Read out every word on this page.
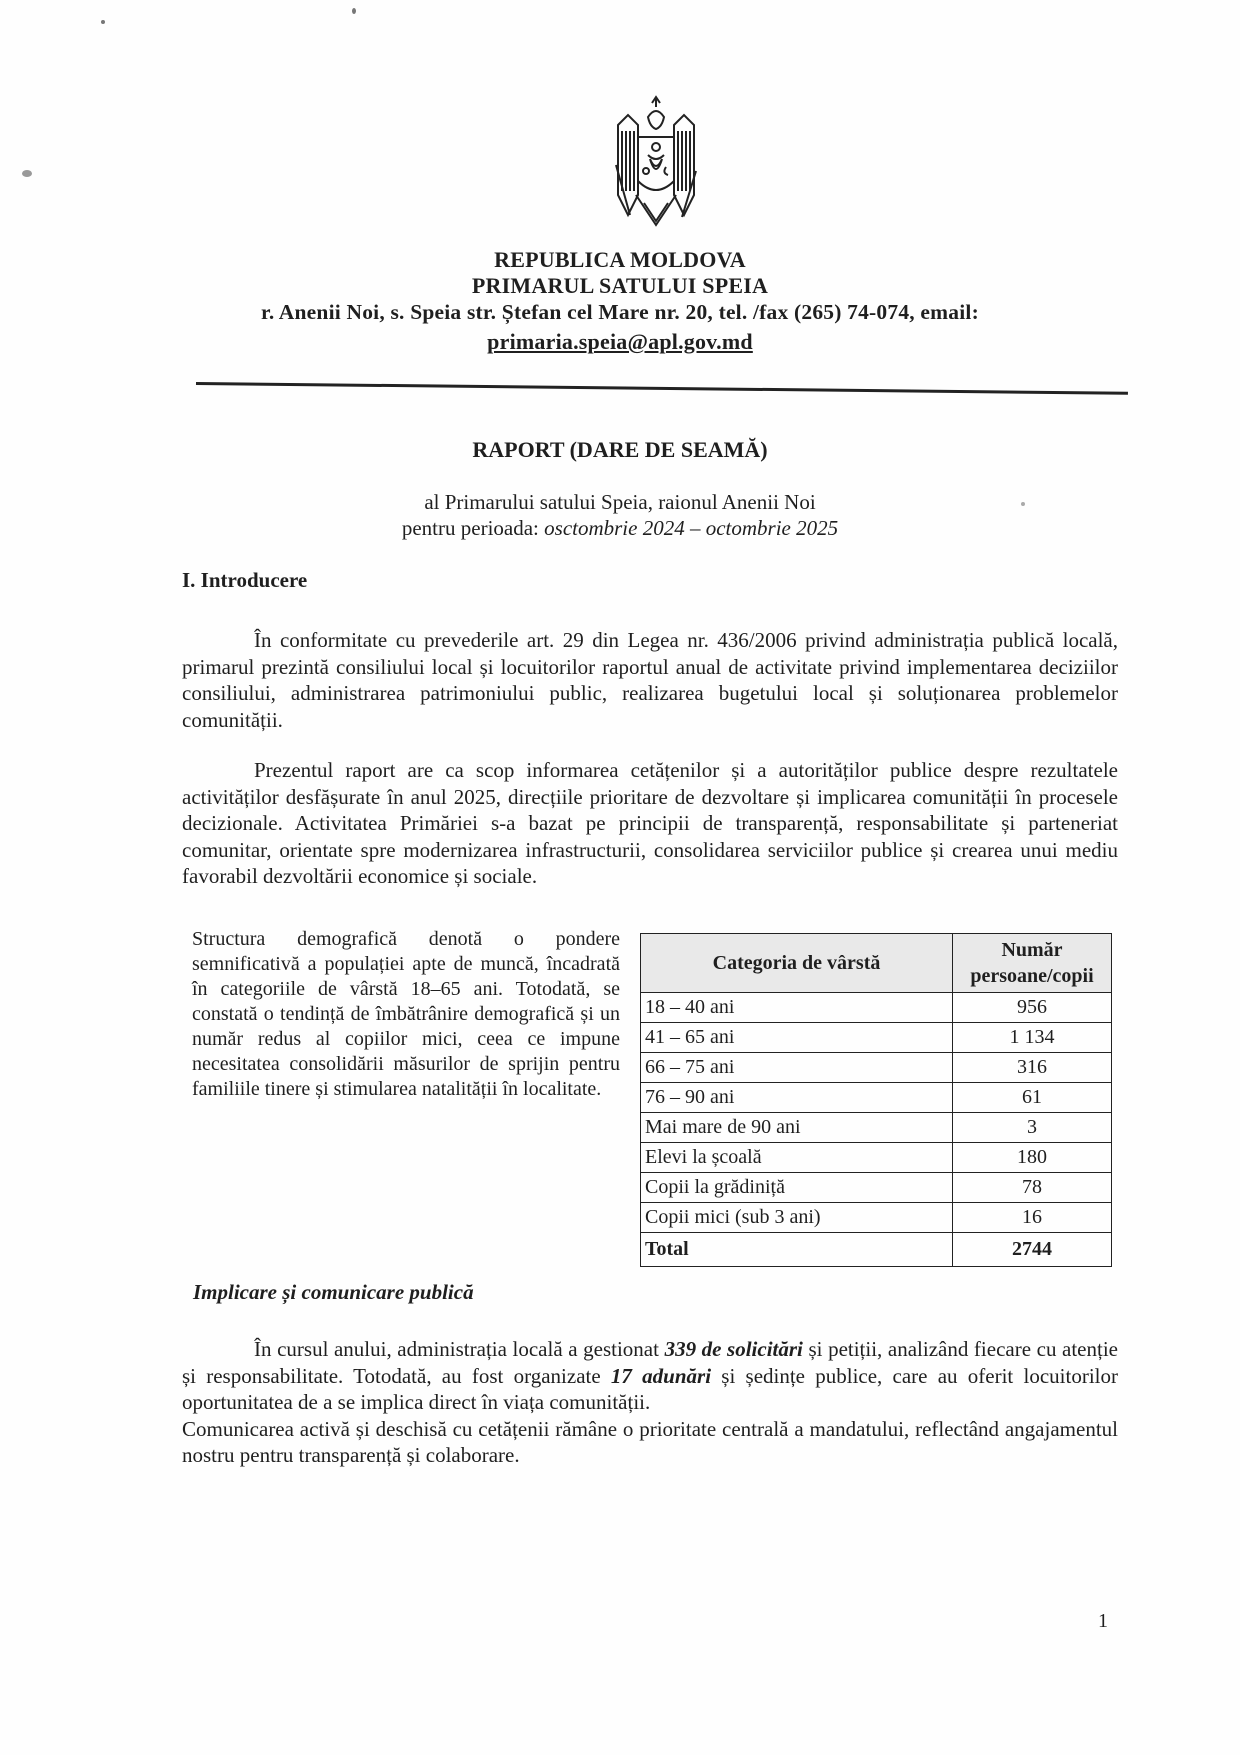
REPUBLICA MOLDOVA
PRIMARUL SATULUI SPEIA
r. Anenii Noi, s. Speia str. Ștefan cel Mare nr. 20, tel. /fax (265) 74-074, email:
primaria.speia@apl.gov.md
RAPORT (DARE DE SEAMĂ)
al Primarului satului Speia, raionul Anenii Noi
pentru perioada: osctombrie 2024 – octombrie 2025
I. Introducere

În conformitate cu prevederile art. 29 din Legea nr. 436/2006 privind administrația publică locală, primarul prezintă consiliului local și locuitorilor raportul anual de activitate privind implementarea deciziilor consiliului, administrarea patrimoniului public, realizarea bugetului local și soluționarea problemelor comunității.

Prezentul raport are ca scop informarea cetățenilor și a autorităților publice despre rezultatele activităților desfășurate în anul 2025, direcțiile prioritare de dezvoltare și implicarea comunității în procesele decizionale. Activitatea Primăriei s-a bazat pe principii de transparență, responsabilitate și parteneriat comunitar, orientate spre modernizarea infrastructurii, consolidarea serviciilor publice și crearea unui mediu favorabil dezvoltării economice și sociale.

Structura demografică denotă o pondere semnificativă a populației apte de muncă, încadrată în categoriile de vârstă 18–65 ani. Totodată, se constată o tendință de îmbătrânire demografică și un număr redus al copiilor mici, ceea ce impune necesitatea consolidării măsurilor de sprijin pentru familiile tinere și stimularea natalității în localitate.
Categoria de vârstă	Număr persoane/copii
18 – 40 ani	956
41 – 65 ani	1 134
66 – 75 ani	316
76 – 90 ani	61
Mai mare de 90 ani	3
Elevi la școală	180
Copii la grădiniță	78
Copii mici (sub 3 ani)	16
Total	2744
Implicare și comunicare publică

În cursul anului, administrația locală a gestionat 339 de solicitări și petiții, analizând fiecare cu atenție și responsabilitate. Totodată, au fost organizate 17 adunări și ședințe publice, care au oferit locuitorilor oportunitatea de a se implica direct în viața comunității.

Comunicarea activă și deschisă cu cetățenii rămâne o prioritate centrală a mandatului, reflectând angajamentul nostru pentru transparență și colaborare.

1
